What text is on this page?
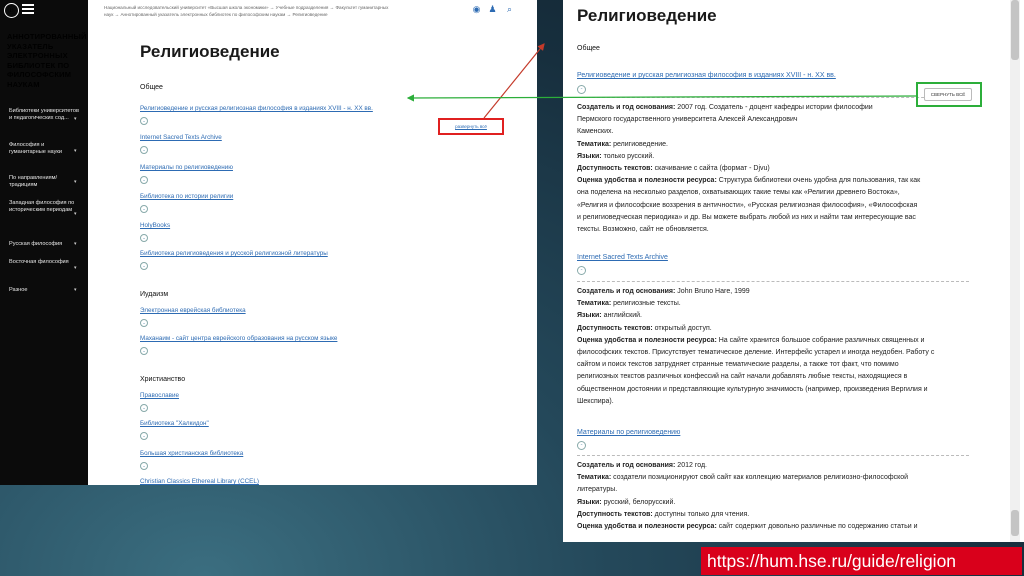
Ⓑ
АННОТИРОВАННЫЙ УКАЗАТЕЛЬ ЭЛЕКТРОННЫХ БИБЛИОТЕК ПО ФИЛОСОФСКИМ НАУКАМ
Библиотеки университетов и педагогических сод...	▾
Философия и гуманитарные науки	▾
По направлениям/традициям	▾
Западная философия по историческим периодам
▾
Русская философия	▾
Восточная философия
▾
Разное	▾
Национальный исследовательский университет «Высшая школа экономики» → Учебные подразделения → Факультет гуманитарных
наук → Аннотированный указатель электронных библиотек по философским наукам → Религиоведение
◉ ♟ ⌕
Религиоведение
Общее
Религиоведение и русская религиозная философия в изданиях XVIII - н. XX вв.
⌄
Internet Sacred Texts Archive
⌄
Материалы по религиоведению
⌄
Библиотека по истории религии
⌄
HolyBooks
⌄
Библиотека религиоведения и русской религиозной литературы
⌄
Иудаизм
Электронная еврейская библиотека
⌄
Маханаим - сайт центра еврейского образования на русском языке
⌄
Христианство
Православие
⌄
Библиотека "Халкидон"
⌄
Большая христианская библиотека
⌄
Christian Classics Ethereal Library (CCEL)
развернуть всё
Религиоведение
Общее
Религиоведение и русская религиозная философия в изданиях XVIII - н. XX вв.
⌃
Создатель и год основания: 2007 год. Создатель - доцент кафедры истории философии
Пермского государственного университета Алексей Александрович
Каменских.
Тематика: религиоведение.
Языки: только русский.
Доступность текстов: скачивание с сайта (формат - Djvu)
Оценка удобства и полезности ресурса: Структура библиотеки очень удобна для пользования, так как
она поделена на несколько разделов, охватывающих такие темы как «Религии древнего Востока»,
«Религия и философские воззрения в античности», «Русская религиозная философия», «Философская
и религиоведческая периодика» и др. Вы можете выбрать любой из них и найти там интересующие вас
тексты. Возможно, сайт не обновляется.
Internet Sacred Texts Archive
⌃
Создатель и год основания: John Bruno Hare, 1999
Тематика: религиозные тексты.
Языки: английский.
Доступность текстов: открытый доступ.
Оценка удобства и полезности ресурса: На сайте хранится большое собрание различных священных и
философских текстов. Присутствует тематическое деление. Интерфейс устарел и иногда неудобен. Работу с
сайтом и поиск текстов затрудняет странные тематические разделы, а также тот факт, что помимо
религиозных текстов различных конфессий на сайт начали добавлять любые тексты, находящиеся в
общественном достоянии и представляющие культурную значимость (например, произведения Вергилия и
Шекспира).
Материалы по религиоведению
⌃
Создатель и год основания: 2012 год.
Тематика: создатели позиционируют свой сайт как коллекцию материалов религиозно-философской
литературы.
Языки: русский, белорусский.
Доступность текстов: доступны только для чтения.
Оценка удобства и полезности ресурса: сайт содержит довольно различные по содержанию статьи и
СВЕРНУТЬ ВСЁ
https://hum.hse.ru/guide/religion
